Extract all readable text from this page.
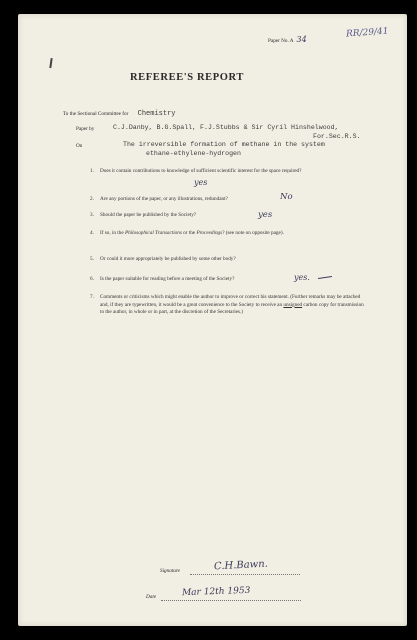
RR/29/41
Paper No. A 34
REFEREE'S REPORT
To the Sectional Committee for Chemistry
Paper by	C.J.Danby, B.G.Spall, F.J.Stubbs & Sir Cyril Hinshelwood,
For.Sec.R.S.
On	The irreversible formation of methane in the system
ethane-ethylene-hydrogen
1. Does it contain contributions to knowledge of sufficient scientific interest for the space required?
yes
2. Are any portions of the paper, or any illustrations, redundant?	No
3. Should the paper be published by the Society?	yes
4. If so, in the Philosophical Transactions or the Proceedings? (see note on opposite page).
5. Or could it more appropriately be published by some other body?
6. Is the paper suitable for reading before a meeting of the Society?	yes.
7. Comments or criticisms which might enable the author to improve or correct his statement. (Further remarks may be attached and, if they are typewritten, it would be a great convenience to the Society to receive an unsigned carbon copy for transmission to the author, in whole or in part, at the discretion of the Secretaries.)
Signature	C.H.Bawn.
Date	Mar 12th 1953
